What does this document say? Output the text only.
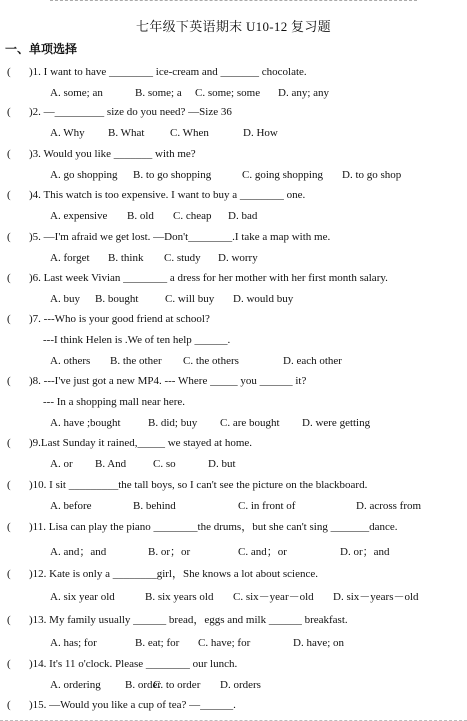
七年级下英语期末 U10-12 复习题
一、单项选择
( )1. I want to have ________ ice-cream and _______ chocolate.
A. some; an	B. some; a C. some; some D. any; any
( )2. —_________ size do you need? —Size 36
A. Why B. What C. When	D. How
( )3. Would you like _______ with me?
A. go shopping B. to go shopping	C. going shopping D. to go shop
( )4. This watch is too expensive. I want to buy a ________ one.
A. expensive B. old C. cheap D. bad
( )5. —I'm afraid we get lost. —Don't________.I take a map with me.
A. forget B. think C. study D. worry
( )6. Last week Vivian ________ a dress for her mother with her first month salary.
A. buy B. bought C. will buy D. would buy
( )7. ---Who is your good friend at school?
---I think Helen is .We of ten help ______.
A. others B. the other C. the others	D. each other
( )8. ---I've just got a new MP4. --- Where _____ you ______ it?
--- In a shopping mall near here.
A. have ;bought B. did; buy C. are bought D. were getting
( )9.Last Sunday it rained,_____ we stayed at home.
A. or B. And C. so	D. but
( )10. I sit _________the tall boys, so I can't see the picture on the blackboard.
A. before	B. behind	C. in front of	D. across from
( )11. Lisa can play the piano ________the drums，but she can't sing _______dance.
A. and；and	B. or；or	C. and；or	D. or；and
( )12. Kate is only a ________girl，She knows a lot about science.
A. six year old	B. six years old C. six－year－old D. six－years－old
( )13. My family usually ______ bread，eggs and milk ______ breakfast.
A. has; for	B. eat; for C. have; for	D. have; on
( )14. It's 11 o'clock. Please ________ our lunch.
A. ordering B. order
C. to order D. orders
( )15. —Would you like a cup of tea? —______.
